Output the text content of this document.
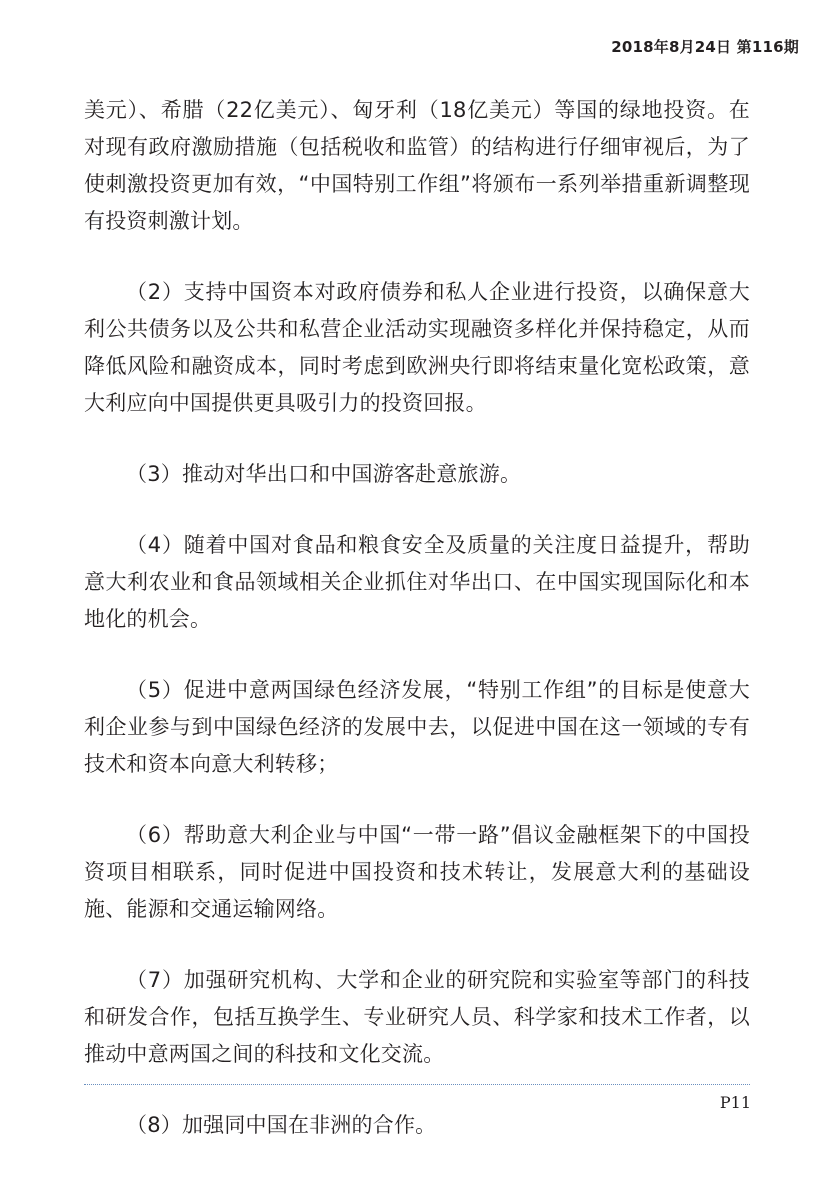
2018年8月24日 第116期

美元）、希腊（22亿美元）、匈牙利（18亿美元）等国的绿地投资。在对现有政府激励措施（包括税收和监管）的结构进行仔细审视后，为了使刺激投资更加有效，“中国特别工作组”将颁布一系列举措重新调整现有投资刺激计划。

（2）支持中国资本对政府债券和私人企业进行投资，以确保意大利公共债务以及公共和私营企业活动实现融资多样化并保持稳定，从而降低风险和融资成本，同时考虑到欧洲央行即将结束量化宽松政策，意大利应向中国提供更具吸引力的投资回报。

（3）推动对华出口和中国游客赴意旅游。

（4）随着中国对食品和粮食安全及质量的关注度日益提升，帮助意大利农业和食品领域相关企业抓住对华出口、在中国实现国际化和本地化的机会。

（5）促进中意两国绿色经济发展，“特别工作组”的目标是使意大利企业参与到中国绿色经济的发展中去，以促进中国在这一领域的专有技术和资本向意大利转移；

（6）帮助意大利企业与中国“一带一路”倡议金融框架下的中国投资项目相联系，同时促进中国投资和技术转让，发展意大利的基础设施、能源和交通运输网络。

（7）加强研究机构、大学和企业的研究院和实验室等部门的科技和研发合作，包括互换学生、专业研究人员、科学家和技术工作者，以推动中意两国之间的科技和文化交流。

（8）加强同中国在非洲的合作。

P11
